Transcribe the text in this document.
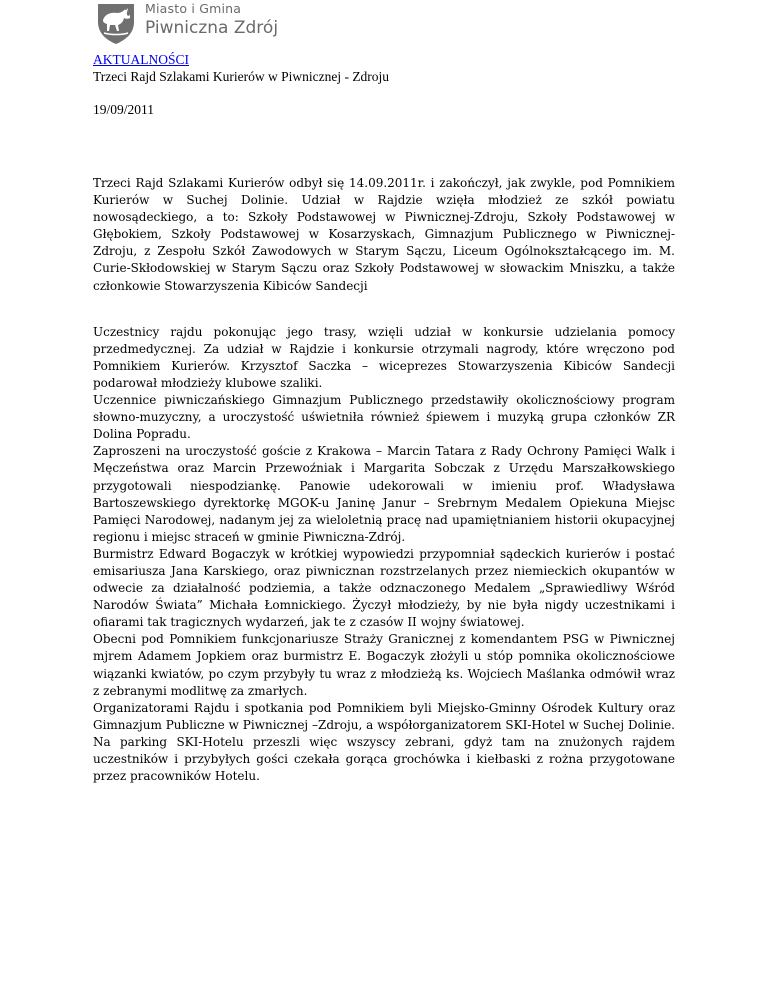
Miasto i Gmina
Piwniczna Zdrój
AKTUALNOŚCI
Trzeci Rajd Szlakami Kurierów w Piwnicznej - Zdroju
19/09/2011

Trzeci Rajd Szlakami Kurierów odbył się 14.09.2011r. i zakończył, jak zwykle, pod Pomnikiem Kurierów w Suchej Dolinie. Udział w Rajdzie wzięła młodzież ze szkół powiatu nowosądeckiego, a to: Szkoły Podstawowej w Piwnicznej-Zdroju, Szkoły Podstawowej w Głębokiem, Szkoły Podstawowej w Kosarzyskach, Gimnazjum Publicznego w Piwnicznej-Zdroju, z Zespołu Szkół Zawodowych w Starym Sączu, Liceum Ogólnokształcącego im. M. Curie-Skłodowskiej w Starym Sączu oraz Szkoły Podstawowej w słowackim Mniszku, a także członkowie Stowarzyszenia Kibiców Sandecji

Uczestnicy rajdu pokonując jego trasy, wzięli udział w konkursie udzielania pomocy przedmedycznej. Za udział w Rajdzie i konkursie otrzymali nagrody, które wręczono pod Pomnikiem Kurierów. Krzysztof Saczka – wiceprezes Stowarzyszenia Kibiców Sandecji podarował młodzieży klubowe szaliki.

Uczennice piwniczańskiego Gimnazjum Publicznego przedstawiły okolicznościowy program słowno-muzyczny, a uroczystość uświetniła również śpiewem i muzyką grupa członków ZR Dolina Popradu.

Zaproszeni na uroczystość goście z Krakowa – Marcin Tatara z Rady Ochrony Pamięci Walk i Męczeństwa oraz Marcin Przewoźniak i Margarita Sobczak z Urzędu Marszałkowskiego przygotowali niespodziankę. Panowie udekorowali w imieniu prof. Władysława Bartoszewskiego dyrektorkę MGOK-u Janinę Janur – Srebrnym Medalem Opiekuna Miejsc Pamięci Narodowej, nadanym jej za wieloletnią pracę nad upamiętnianiem historii okupacyjnej regionu i miejsc straceń w gminie Piwniczna-Zdrój.

Burmistrz Edward Bogaczyk w krótkiej wypowiedzi przypomniał sądeckich kurierów i postać emisariusza Jana Karskiego, oraz piwnicznan rozstrzelanych przez niemieckich okupantów w odwecie za działalność podziemia, a także odznaczonego Medalem „Sprawiedliwy Wśród Narodów Świata” Michała Łomnickiego. Życzył młodzieży, by nie była nigdy uczestnikami i ofiarami tak tragicznych wydarzeń, jak te z czasów II wojny światowej.

Obecni pod Pomnikiem funkcjonariusze Straży Granicznej z komendantem PSG w Piwnicznej mjrem Adamem Jopkiem oraz burmistrz E. Bogaczyk złożyli u stóp pomnika okolicznościowe wiązanki kwiatów, po czym przybyły tu wraz z młodzieżą ks. Wojciech Maślanka odmówił wraz z zebranymi modlitwę za zmarłych.

Organizatorami Rajdu i spotkania pod Pomnikiem byli Miejsko-Gminny Ośrodek Kultury oraz Gimnazjum Publiczne w Piwnicznej –Zdroju, a współorganizatorem SKI-Hotel w Suchej Dolinie. Na parking SKI-Hotelu przeszli więc wszyscy zebrani, gdyż tam na znużonych rajdem uczestników i przybyłych gości czekała gorąca grochówka i kiełbaski z rożna przygotowane przez pracowników Hotelu.
